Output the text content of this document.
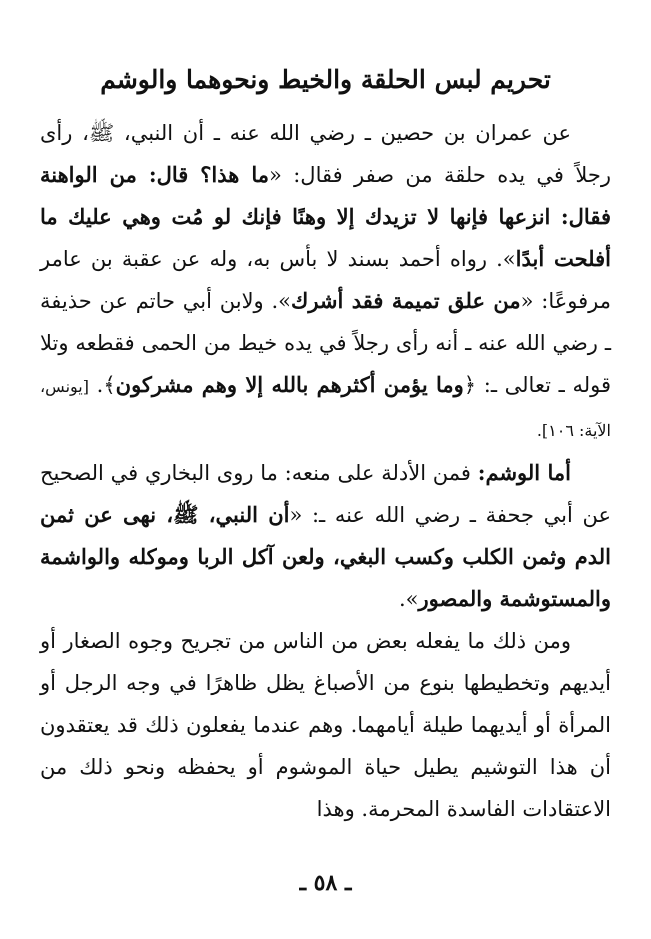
تحريم لبس الحلقة والخيط ونحوهما والوشم

عن عمران بن حصين ـ رضي الله عنه ـ أن النبي، ﷺ، رأى رجلاً في يده حلقة من صفر فقال: «ما هذا؟ قال: من الواهنة فقال: انزعها فإنها لا تزيدك إلا وهنًا فإنك لو مُت وهي عليك ما أفلحت أبدًا». رواه أحمد بسند لا بأس به، وله عن عقبة بن عامر مرفوعًا: «من علق تميمة فقد أشرك». ولابن أبي حاتم عن حذيفة ـ رضي الله عنه ـ أنه رأى رجلاً في يده خيط من الحمى فقطعه وتلا قوله ـ تعالى ـ: ﴿وما يؤمن أكثرهم بالله إلا وهم مشركون﴾. [يونس، الآية: ١٠٦].

أما الوشم: فمن الأدلة على منعه: ما روى البخاري في الصحيح عن أبي جحفة ـ رضي الله عنه ـ: «أن النبي، ﷺ، نهى عن ثمن الدم وثمن الكلب وكسب البغي، ولعن آكل الربا وموكله والواشمة والمستوشمة والمصور».

ومن ذلك ما يفعله بعض من الناس من تجريح وجوه الصغار أو أيديهم وتخطيطها بنوع من الأصباغ يظل ظاهرًا في وجه الرجل أو المرأة أو أيديهما طيلة أيامهما. وهم عندما يفعلون ذلك قد يعتقدون أن هذا التوشيم يطيل حياة الموشوم أو يحفظه ونحو ذلك من الاعتقادات الفاسدة المحرمة. وهذا

ـ ٥٨ ـ
